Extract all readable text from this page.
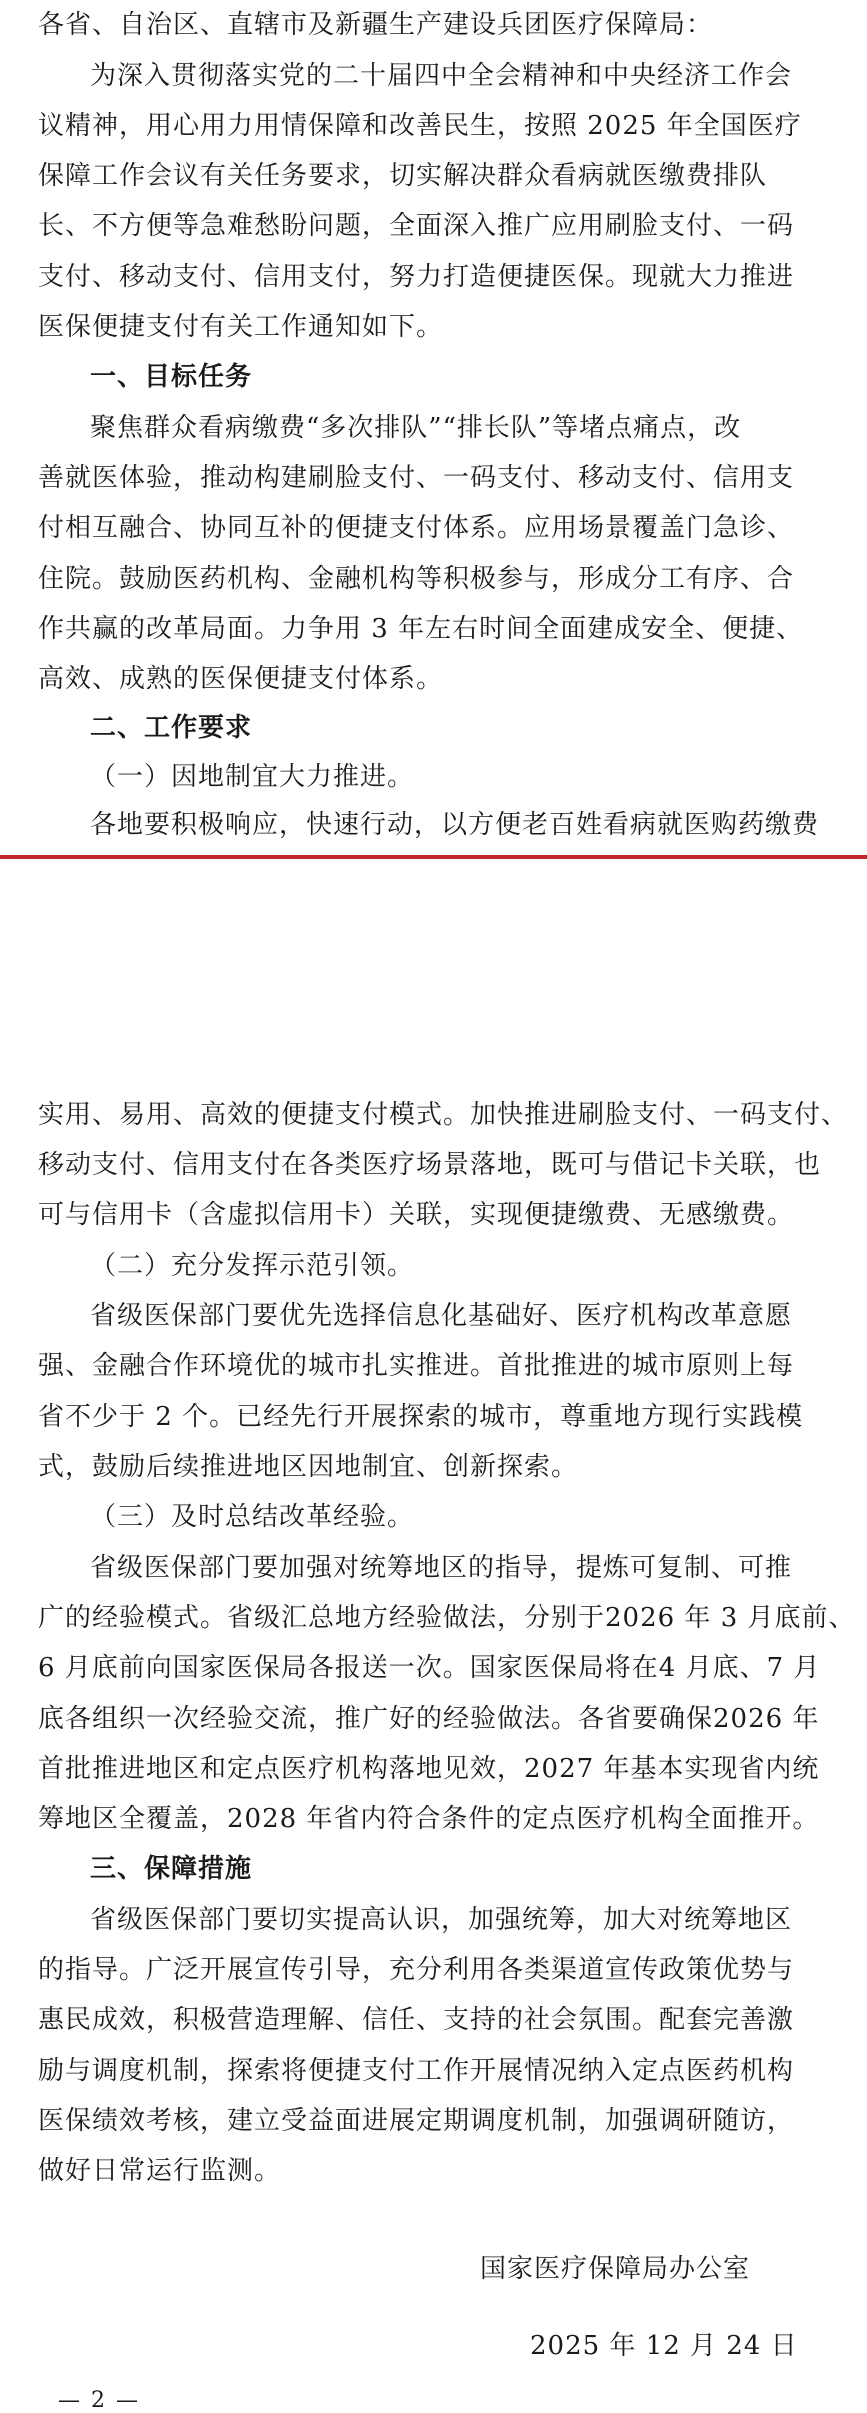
各省、自治区、直辖市及新疆生产建设兵团医疗保障局：
为深入贯彻落实党的二十届四中全会精神和中央经济工作会
议精神，用心用力用情保障和改善民生，按照 2025 年全国医疗
保障工作会议有关任务要求，切实解决群众看病就医缴费排队
长、不方便等急难愁盼问题，全面深入推广应用刷脸支付、一码
支付、移动支付、信用支付，努力打造便捷医保。现就大力推进
医保便捷支付有关工作通知如下。
一、目标任务
聚焦群众看病缴费“多次排队”“排长队”等堵点痛点，改
善就医体验，推动构建刷脸支付、一码支付、移动支付、信用支
付相互融合、协同互补的便捷支付体系。应用场景覆盖门急诊、
住院。鼓励医药机构、金融机构等积极参与，形成分工有序、合
作共赢的改革局面。力争用 3 年左右时间全面建成安全、便捷、
高效、成熟的医保便捷支付体系。
二、工作要求
（一）因地制宜大力推进。
各地要积极响应，快速行动，以方便老百姓看病就医购药缴费
实用、易用、高效的便捷支付模式。加快推进刷脸支付、一码支付、
移动支付、信用支付在各类医疗场景落地，既可与借记卡关联，也
可与信用卡（含虚拟信用卡）关联，实现便捷缴费、无感缴费。
（二）充分发挥示范引领。
省级医保部门要优先选择信息化基础好、医疗机构改革意愿
强、金融合作环境优的城市扎实推进。首批推进的城市原则上每
省不少于 2 个。已经先行开展探索的城市，尊重地方现行实践模
式，鼓励后续推进地区因地制宜、创新探索。
（三）及时总结改革经验。
省级医保部门要加强对统筹地区的指导，提炼可复制、可推
广的经验模式。省级汇总地方经验做法，分别于2026 年 3 月底前、
6 月底前向国家医保局各报送一次。国家医保局将在4 月底、7 月
底各组织一次经验交流，推广好的经验做法。各省要确保2026 年
首批推进地区和定点医疗机构落地见效，2027 年基本实现省内统
筹地区全覆盖，2028 年省内符合条件的定点医疗机构全面推开。
三、保障措施
省级医保部门要切实提高认识，加强统筹，加大对统筹地区
的指导。广泛开展宣传引导，充分利用各类渠道宣传政策优势与
惠民成效，积极营造理解、信任、支持的社会氛围。配套完善激
励与调度机制，探索将便捷支付工作开展情况纳入定点医药机构
医保绩效考核，建立受益面进展定期调度机制，加强调研随访，
做好日常运行监测。
国家医疗保障局办公室
2025 年 12 月 24 日
— 2 —
